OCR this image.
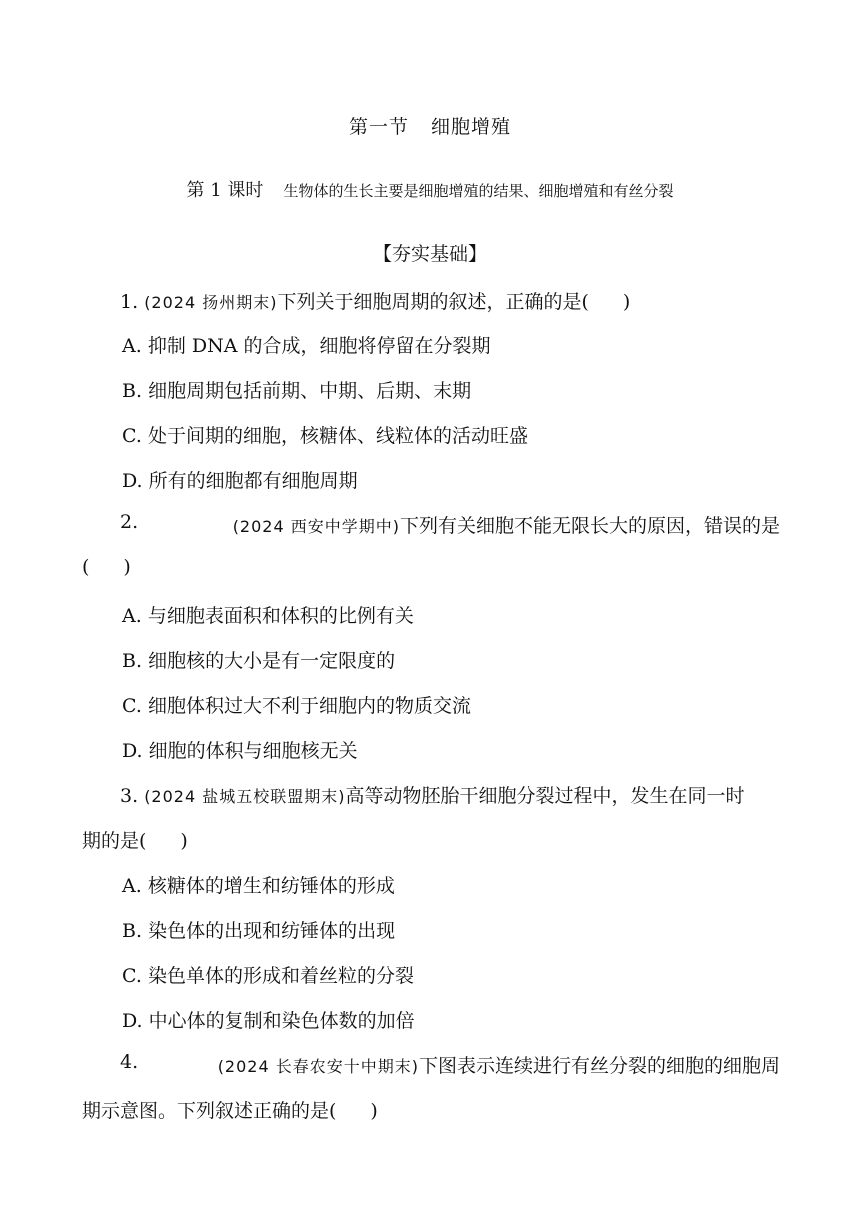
第一节 细胞增殖
第 1 课时 生物体的生长主要是细胞增殖的结果、细胞增殖和有丝分裂
【夯实基础】
1. (2024 扬州期末)下列关于细胞周期的叙述，正确的是( )
A. 抑制 DNA 的合成，细胞将停留在分裂期
B. 细胞周期包括前期、中期、后期、末期
C. 处于间期的细胞，核糖体、线粒体的活动旺盛
D. 所有的细胞都有细胞周期
2.	(2024 西安中学期中)下列有关细胞不能无限长大的原因，错误的是
( )
A. 与细胞表面积和体积的比例有关
B. 细胞核的大小是有一定限度的
C. 细胞体积过大不利于细胞内的物质交流
D. 细胞的体积与细胞核无关
3. (2024 盐城五校联盟期末)高等动物胚胎干细胞分裂过程中，发生在同一时
期的是( )
A. 核糖体的增生和纺锤体的形成
B. 染色体的出现和纺锤体的出现
C. 染色单体的形成和着丝粒的分裂
D. 中心体的复制和染色体数的加倍
4.	(2024 长春农安十中期末)下图表示连续进行有丝分裂的细胞的细胞周
期示意图。下列叙述正确的是( )
